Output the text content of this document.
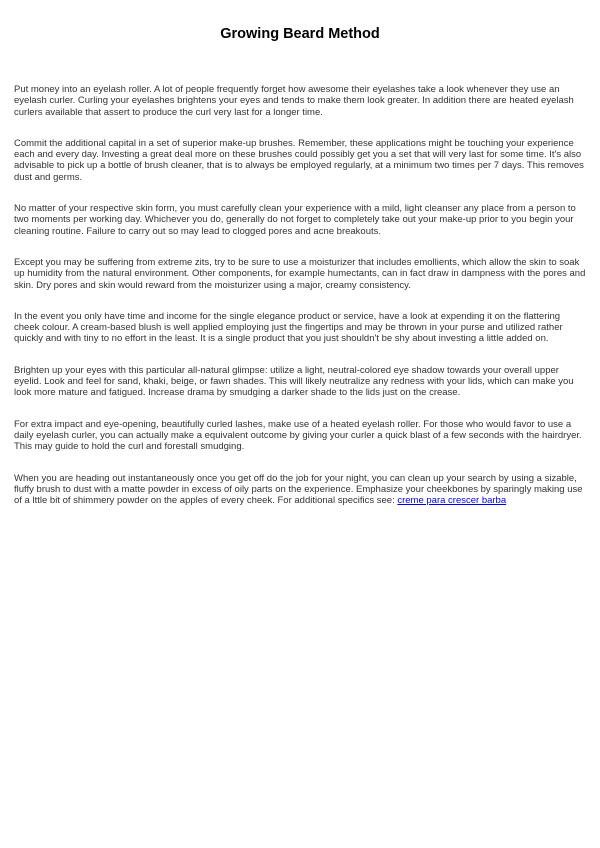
Growing Beard Method

Put money into an eyelash roller. A lot of people frequently forget how awesome their eyelashes take a look whenever they use an eyelash curler. Curling your eyelashes brightens your eyes and tends to make them look greater. In addition there are heated eyelash curlers available that assert to produce the curl very last for a longer time.

Commit the additional capital in a set of superior make-up brushes. Remember, these applications might be touching your experience each and every day. Investing a great deal more on these brushes could possibly get you a set that will very last for some time. It's also advisable to pick up a bottle of brush cleaner, that is to always be employed regularly, at a minimum two times per 7 days. This removes dust and germs.

No matter of your respective skin form, you must carefully clean your experience with a mild, light cleanser any place from a person to two moments per working day. Whichever you do, generally do not forget to completely take out your make-up prior to you begin your cleaning routine. Failure to carry out so may lead to clogged pores and acne breakouts.

Except you may be suffering from extreme zits, try to be sure to use a moisturizer that includes emollients, which allow the skin to soak up humidity from the natural environment. Other components, for example humectants, can in fact draw in dampness with the pores and skin. Dry pores and skin would reward from the moisturizer using a major, creamy consistency.

In the event you only have time and income for the single elegance product or service, have a look at expending it on the flattering cheek colour. A cream-based blush is well applied employing just the fingertips and may be thrown in your purse and utilized rather quickly and with tiny to no effort in the least. It is a single product that you just shouldn't be shy about investing a little added on.

Brighten up your eyes with this particular all-natural glimpse: utilize a light, neutral-colored eye shadow towards your overall upper eyelid. Look and feel for sand, khaki, beige, or fawn shades. This will likely neutralize any redness with your lids, which can make you look more mature and fatigued. Increase drama by smudging a darker shade to the lids just on the crease.

For extra impact and eye-opening, beautifully curled lashes, make use of a heated eyelash roller. For those who would favor to use a daily eyelash curler, you can actually make a equivalent outcome by giving your curler a quick blast of a few seconds with the hairdryer. This may guide to hold the curl and forestall smudging.

When you are heading out instantaneously once you get off do the job for your night, you can clean up your search by using a sizable, fluffy brush to dust with a matte powder in excess of oily parts on the experience. Emphasize your cheekbones by sparingly making use of a lttle bit of shimmery powder on the apples of every cheek. For additional specifics see: creme para crescer barba
